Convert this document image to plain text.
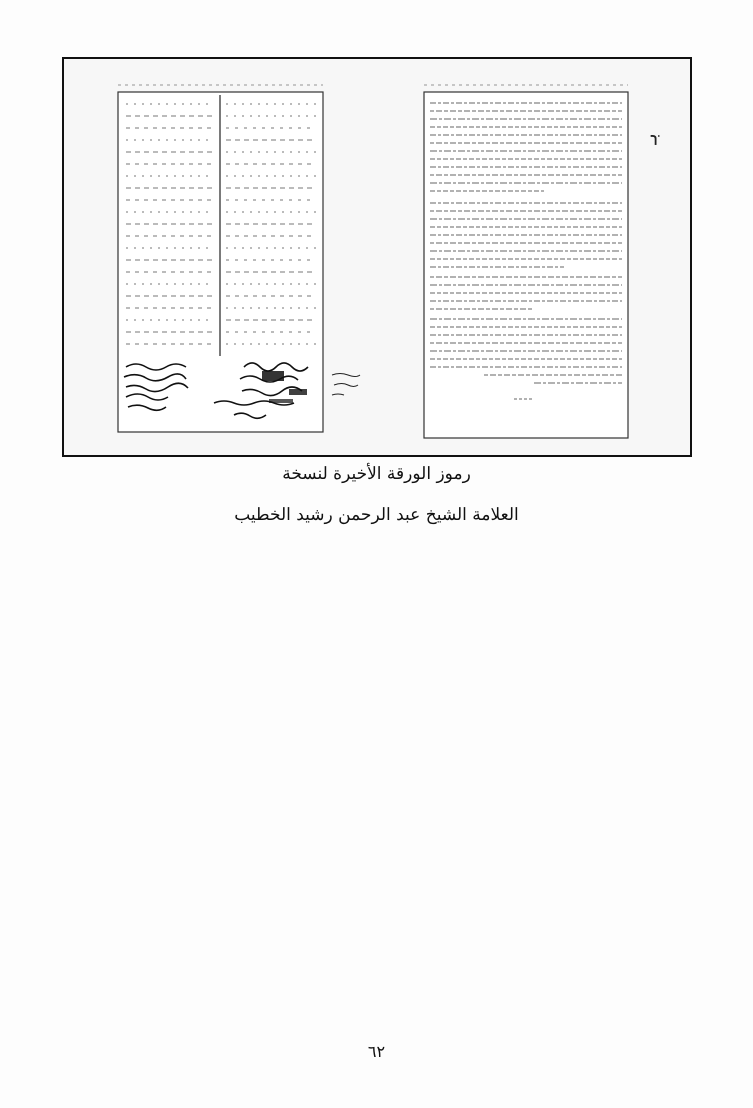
بـ
رموز الورقة الأخيرة لنسخة
العلامة الشيخ عبد الرحمن رشيد الخطيب
٦٢
